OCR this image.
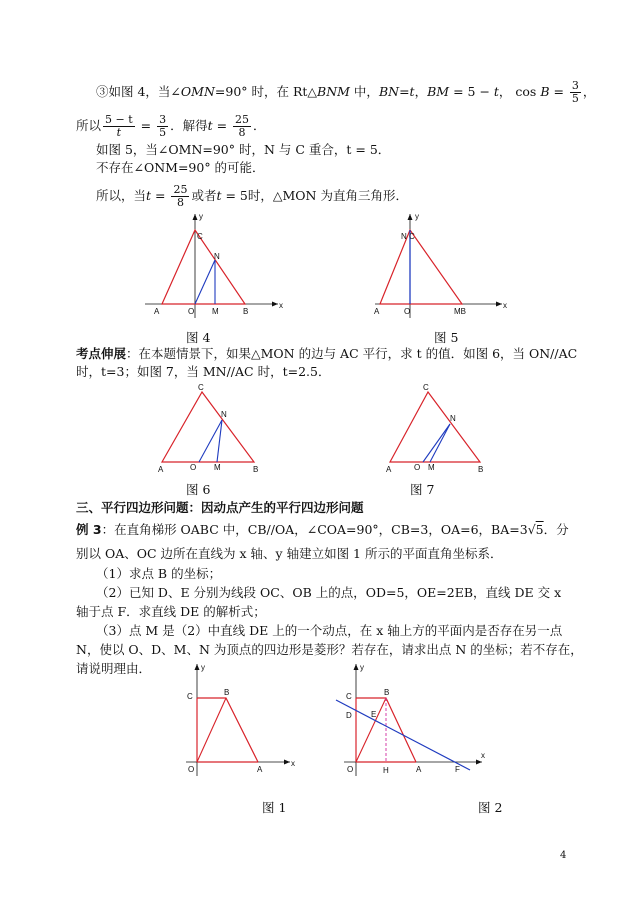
③如图 4，当∠OMN=90° 时，在 Rt△BNM 中，BN=t，BM = 5 − t， $\cos B = \frac{3}{5}$ ，
所以 $\frac{5 - t}{t} = \frac{3}{5}$ ．解得$t = \frac{25}{8}$ ．
如图 5，当∠OMN=90° 时，N 与 C 重合，t = 5．
不存在∠ONM=90° 的可能．
所以，当$t = \frac{25}{8}$ 或者t = 5时，△MON 为直角三角形．
y
x
C
N
A	O M	B
图 4
y
x
N C
A	O	MB
图 5
考点伸展：在本题情景下，如果△MON 的边与 AC 平行，求 t 的值．如图 6，当 ON//AC
时，t=3；如图 7，当 MN//AC 时，t=2.5．
C
N
A	O M	B
图 6
C
N
A	O M	B
图 7
三、平行四边形问题：因动点产生的平行四边形问题
例 3：在直角梯形 OABC 中，CB//OA，∠COA=90°，CB=3，OA=6，BA=3√5．分
别以 OA、OC 边所在直线为 x 轴、y 轴建立如图 1 所示的平面直角坐标系．
（1）求点 B 的坐标；
（2）已知 D、E 分别为线段 OC、OB 上的点，OD=5，OE=2EB，直线 DE 交 x
轴于点 F．求直线 DE 的解析式；
（3）点 M 是（2）中直线 DE 上的一个动点，在 x 轴上方的平面内是否存在另一点
N，使以 O、D、M、N 为顶点的四边形是菱形？若存在，请求出点 N 的坐标；若不存在，
请说明理由．	y
x
C	B
O	A
图 1
y
x
C	B
D E
O	H	A	F
图 2
4
